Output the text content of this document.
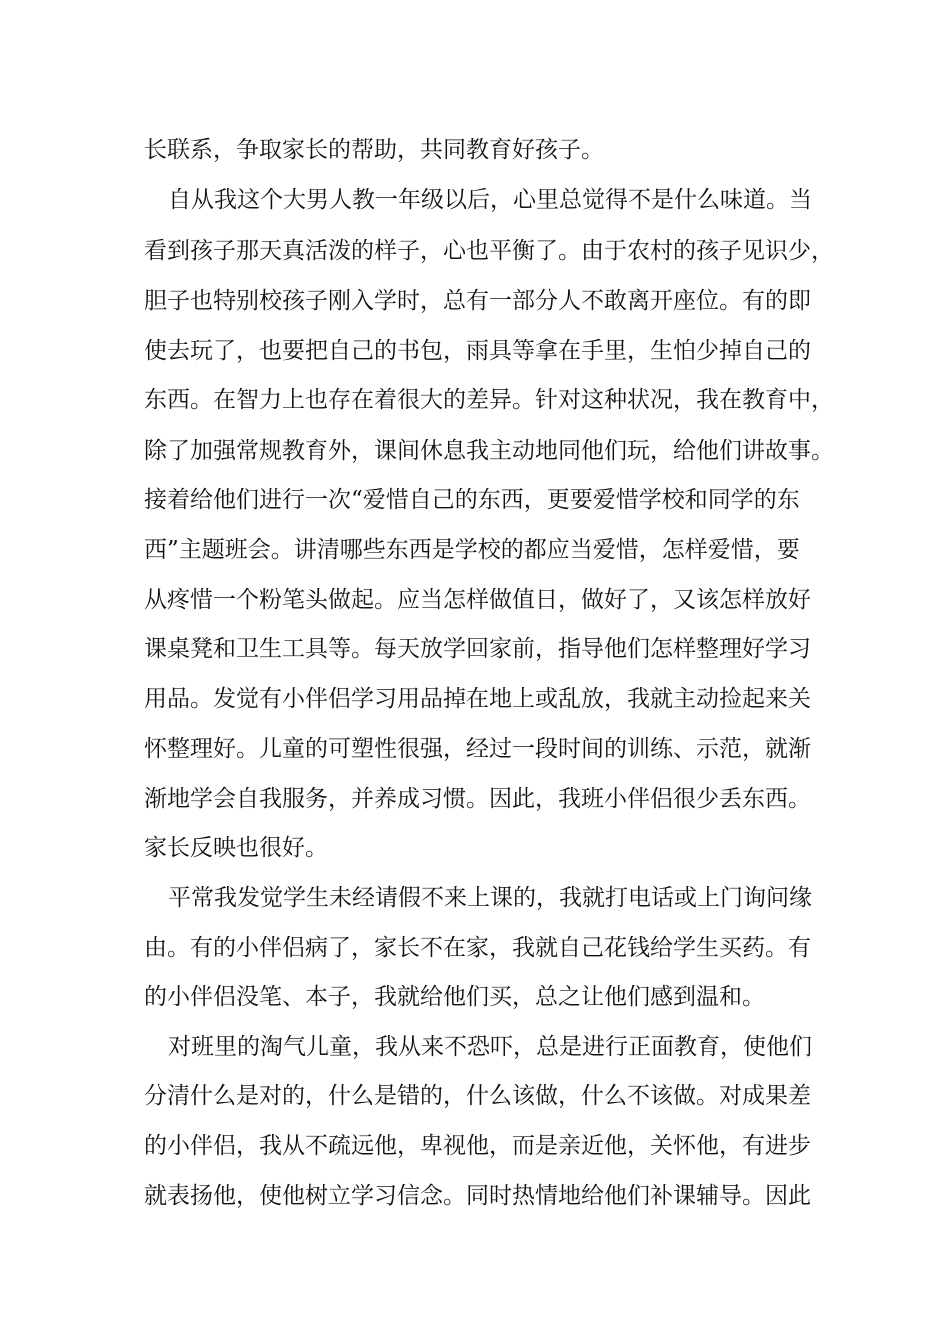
长联系，争取家长的帮助，共同教育好孩子。
自从我这个大男人教一年级以后，心里总觉得不是什么味道。当
看到孩子那天真活泼的样子，心也平衡了。由于农村的孩子见识少，
胆子也特别校孩子刚入学时，总有一部分人不敢离开座位。有的即
使去玩了，也要把自己的书包，雨具等拿在手里，生怕少掉自己的
东西。在智力上也存在着很大的差异。针对这种状况，我在教育中，
除了加强常规教育外，课间休息我主动地同他们玩，给他们讲故事。
接着给他们进行一次“爱惜自己的东西，更要爱惜学校和同学的东
西”主题班会。讲清哪些东西是学校的都应当爱惜，怎样爱惜，要
从疼惜一个粉笔头做起。应当怎样做值日，做好了，又该怎样放好
课桌凳和卫生工具等。每天放学回家前，指导他们怎样整理好学习
用品。发觉有小伴侣学习用品掉在地上或乱放，我就主动捡起来关
怀整理好。儿童的可塑性很强，经过一段时间的训练、示范，就渐
渐地学会自我服务，并养成习惯。因此，我班小伴侣很少丢东西。
家长反映也很好。
平常我发觉学生未经请假不来上课的，我就打电话或上门询问缘
由。有的小伴侣病了，家长不在家，我就自己花钱给学生买药。有
的小伴侣没笔、本子，我就给他们买，总之让他们感到温和。
对班里的淘气儿童，我从来不恐吓，总是进行正面教育，使他们
分清什么是对的，什么是错的，什么该做，什么不该做。对成果差
的小伴侣，我从不疏远他，卑视他，而是亲近他，关怀他，有进步
就表扬他，使他树立学习信念。同时热情地给他们补课辅导。因此
